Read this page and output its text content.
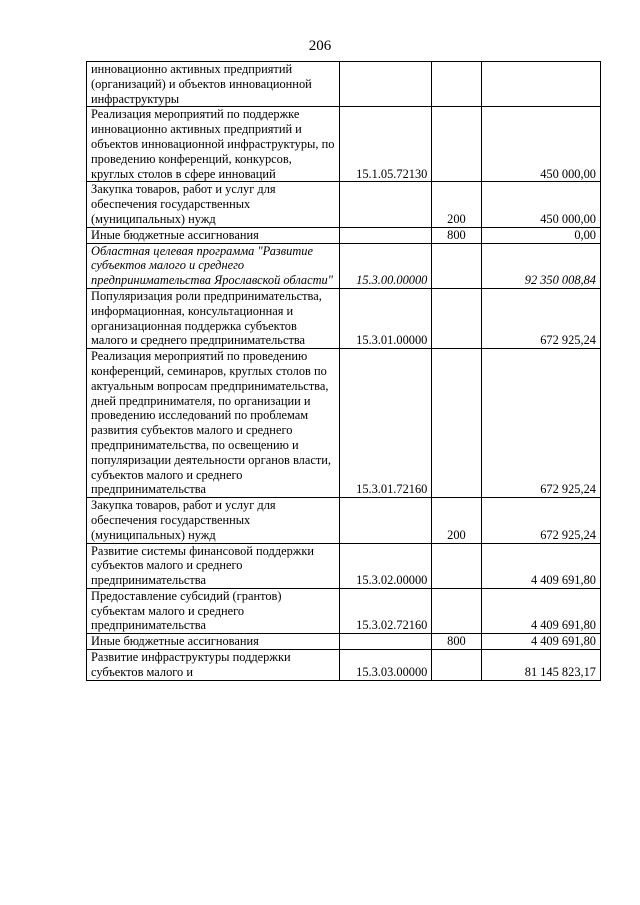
206
инновационно активных предприятий (организаций) и объектов инновационной инфраструктуры			
Реализация мероприятий по поддержке инновационно активных предприятий и объектов инновационной инфраструктуры, по проведению конференций, конкурсов, круглых столов в сфере инноваций	15.1.05.72130		450 000,00
Закупка товаров, работ и услуг для обеспечения государственных (муниципальных) нужд		200	450 000,00
Иные бюджетные ассигнования		800	0,00
Областная целевая программа "Развитие субъектов малого и среднего предпринимательства Ярославской области"	15.3.00.00000		92 350 008,84
Популяризация роли предпринимательства, информационная, консультационная и организационная поддержка субъектов малого и среднего предпринимательства	15.3.01.00000		672 925,24
Реализация мероприятий по проведению конференций, семинаров, круглых столов по актуальным вопросам предпринимательства, дней предпринимателя, по организации и проведению исследований по проблемам развития субъектов малого и среднего предпринимательства, по освещению и популяризации деятельности органов власти, субъектов малого и среднего предпринимательства	15.3.01.72160		672 925,24
Закупка товаров, работ и услуг для обеспечения государственных (муниципальных) нужд		200	672 925,24
Развитие системы финансовой поддержки субъектов малого и среднего предпринимательства	15.3.02.00000		4 409 691,80
Предоставление субсидий (грантов) субъектам малого и среднего предпринимательства	15.3.02.72160		4 409 691,80
Иные бюджетные ассигнования		800	4 409 691,80
Развитие инфраструктуры поддержки субъектов малого и	15.3.03.00000		81 145 823,17
